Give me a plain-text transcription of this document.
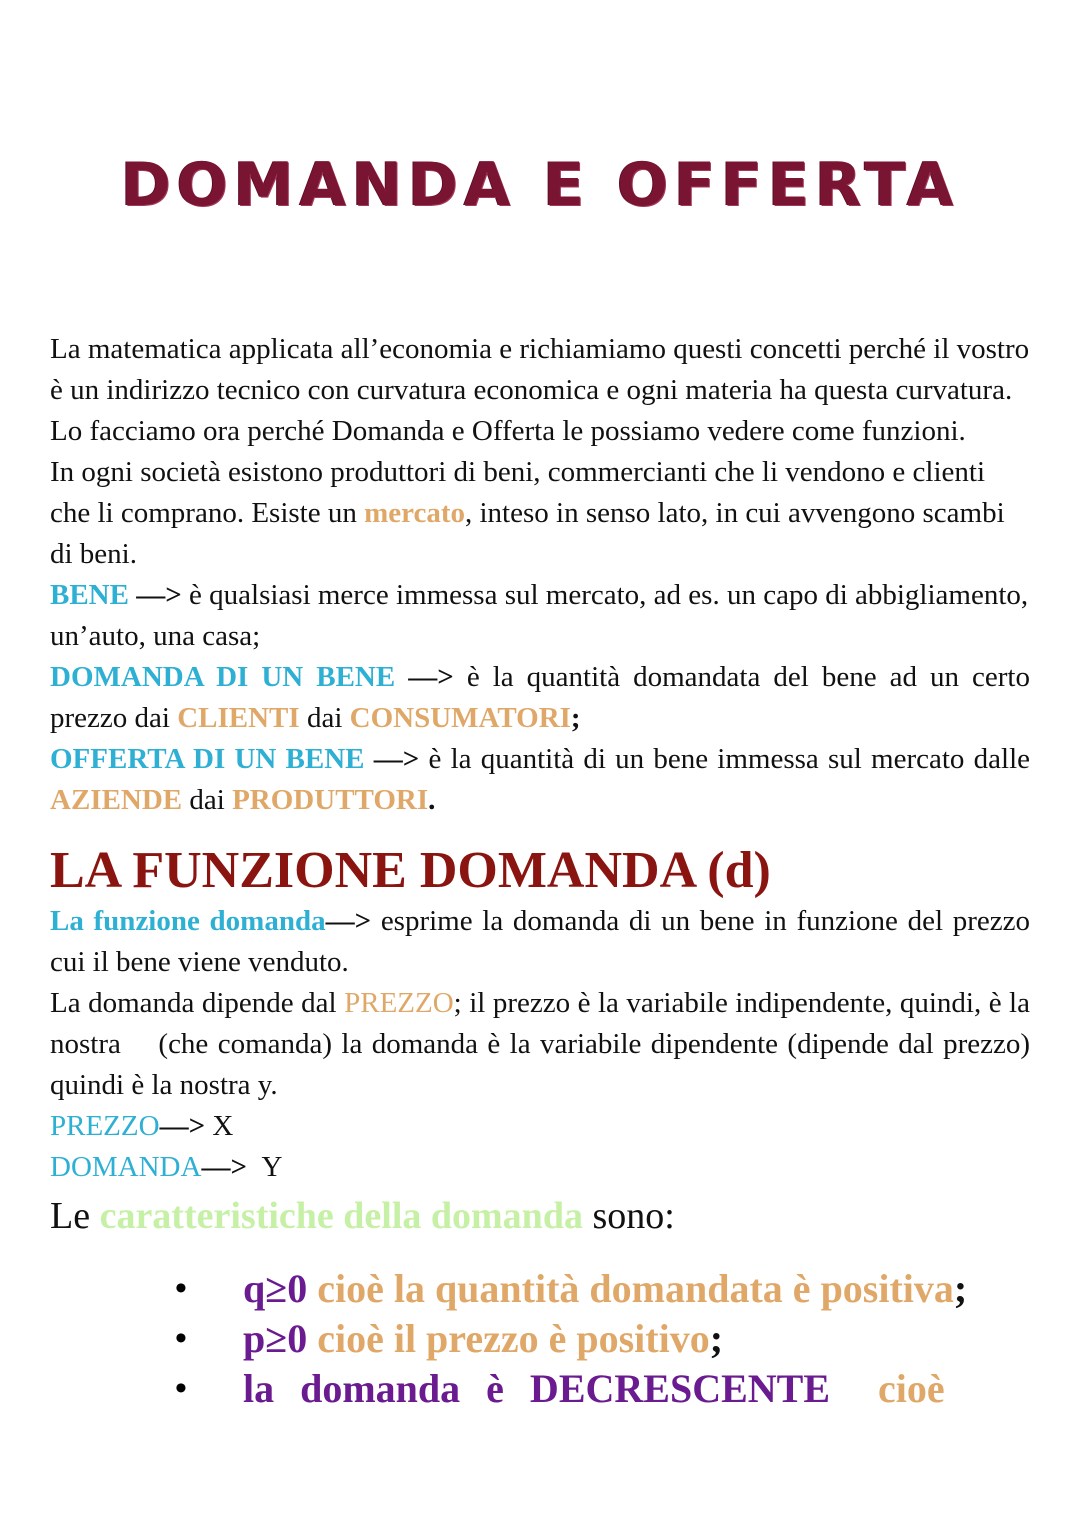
DOMANDA E OFFERTA

La matematica applicata all’economia e richiamiamo questi concetti perché il vostro è un indirizzo tecnico con curvatura economica e ogni materia ha questa curvatura. Lo facciamo ora perché Domanda e Offerta le possiamo vedere come funzioni.

In ogni società esistono produttori di beni, commercianti che li vendono e clienti che li comprano. Esiste un mercato, inteso in senso lato, in cui avvengono scambi di beni.

BENE —> è qualsiasi merce immessa sul mercato, ad es. un capo di abbigliamento, un’auto, una casa;

DOMANDA DI UN BENE —> è la quantità domandata del bene ad un certo prezzo dai CLIENTI dai CONSUMATORI;

OFFERTA DI UN BENE —> è la quantità di un bene immessa sul mercato dalle AZIENDE dai PRODUTTORI.

LA FUNZIONE DOMANDA (d)

La funzione domanda—> esprime la domanda di un bene in funzione del prezzo cui il bene viene venduto.

La domanda dipende dal PREZZO; il prezzo è la variabile indipendente, quindi, è la nostra    (che comanda) la domanda è la variabile dipendente (dipende dal prezzo) quindi è la nostra y.

PREZZO—> X

DOMANDA—>  Y

Le caratteristiche della domanda sono:

• q≥0 cioè la quantità domandata è positiva;
• p≥0 cioè il prezzo è positivo;
• la domanda è DECRESCENTE cioè
